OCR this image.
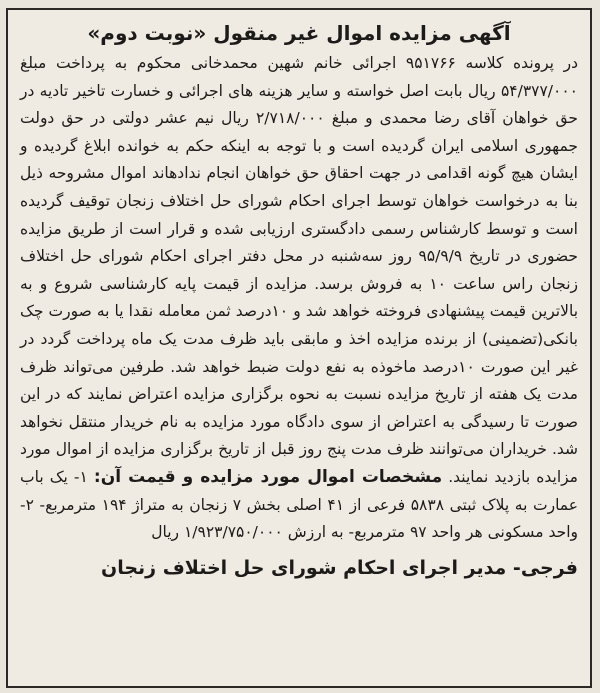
آگهی مزایده اموال غیر منقول «نوبت دوم»

در پرونده کلاسه ۹۵۱۷۶۶ اجرائی خانم شهین محمدخانی محکوم به پرداخت مبلغ ۵۴/۳۷۷/۰۰۰ ریال بابت اصل خواسته و سایر هزینه های اجرائی و خسارت تاخیر تادیه در حق خواهان آقای رضا محمدی و مبلغ ۲/۷۱۸/۰۰۰ ریال نیم عشر دولتی در حق دولت جمهوری اسلامی ایران گردیده است و با توجه به اینکه حکم به خوانده ابلاغ گردیده و ایشان هیچ گونه اقدامی در جهت احقاق حق خواهان انجام ندادهاند اموال مشروحه ذیل بنا به درخواست خواهان توسط اجرای احکام شورای حل اختلاف زنجان توقیف گردیده است و توسط کارشناس رسمی دادگستری ارزیابی شده و قرار است از طریق مزایده حضوری در تاریخ ۹۵/۹/۹ روز سه‌شنبه در محل دفتر اجرای احکام شورای حل اختلاف زنجان راس ساعت ۱۰ به فروش برسد. مزایده از قیمت پایه کارشناسی شروع و به بالاترین قیمت پیشنهادی فروخته خواهد شد و ۱۰درصد ثمن معامله نقدا یا به صورت چک بانکی(تضمینی) از برنده مزایده اخذ و مابقی باید ظرف مدت یک ماه پرداخت گردد در غیر این صورت ۱۰درصد ماخوذه به نفع دولت ضبط خواهد شد. طرفین می‌تواند ظرف مدت یک هفته از تاریخ مزایده نسبت به نحوه برگزاری مزایده اعتراض نمایند که در این صورت تا رسیدگی به اعتراض از سوی دادگاه مورد مزایده به نام خریدار منتقل نخواهد شد. خریداران می‌توانند ظرف مدت پنج روز قبل از تاریخ برگزاری مزایده از اموال مورد مزایده بازدید نمایند. مشخصات اموال مورد مزایده و قیمت آن: ۱- یک باب عمارت به پلاک ثبتی ۵۸۳۸ فرعی از ۴۱ اصلی بخش ۷ زنجان به متراژ ۱۹۴ مترمربع- ۲- واحد مسکونی هر واحد ۹۷ مترمربع- به ارزش ۱/۹۲۳/۷۵۰/۰۰۰ ریال

فرجی- مدیر اجرای احکام شورای حل اختلاف زنجان
